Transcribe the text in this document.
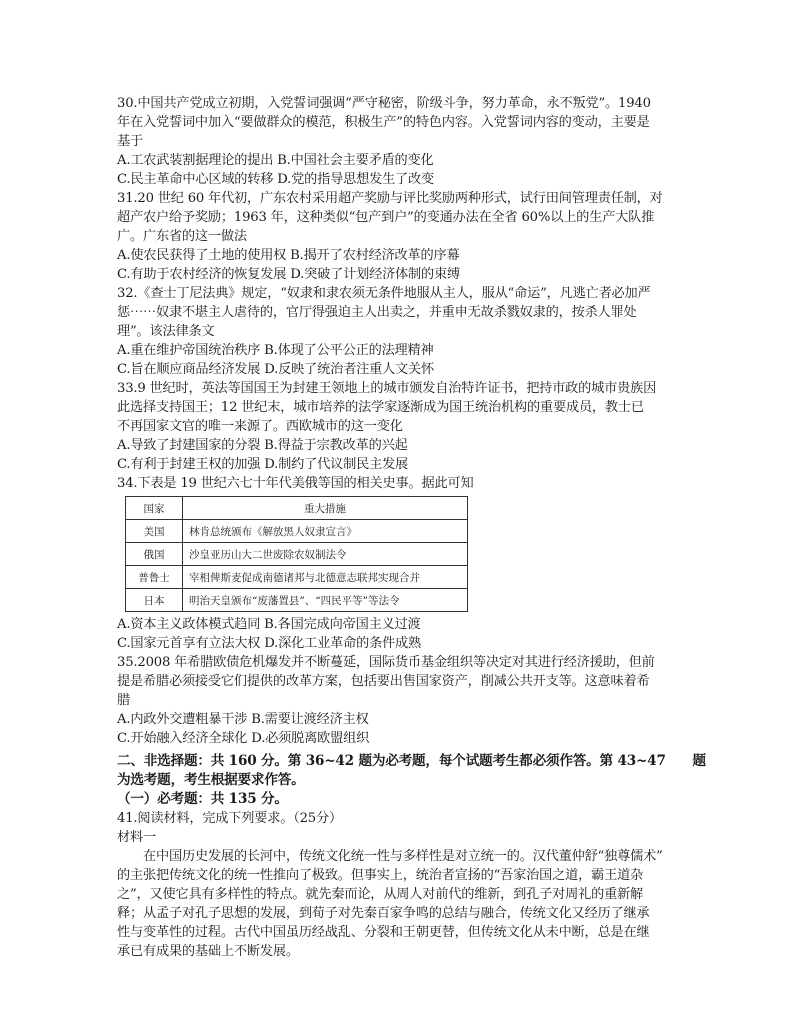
30.中国共产党成立初期，入党誓词强调“严守秘密，阶级斗争，努力革命，永不叛党”。1940
年在入党誓词中加入“要做群众的模范，积极生产”的特色内容。入党誓词内容的变动，主要是
基于
A.工农武装割据理论的提出 B.中国社会主要矛盾的变化
C.民主革命中心区域的转移 D.党的指导思想发生了改变
31.20 世纪 60 年代初，广东农村采用超产奖励与评比奖励两种形式，试行田间管理责任制，对
超产农户给予奖励；1963 年，这种类似“包产到户”的变通办法在全省 60%以上的生产大队推
广。广东省的这一做法
A.使农民获得了土地的使用权 B.揭开了农村经济改革的序幕
C.有助于农村经济的恢复发展 D.突破了计划经济体制的束缚
32.《查士丁尼法典》规定，“奴隶和隶农须无条件地服从主人，服从“命运”，凡逃亡者必加严
惩⋯⋯奴隶不堪主人虐待的，官厅得强迫主人出卖之，并重申无故杀戮奴隶的，按杀人罪处
理”。该法律条文
A.重在维护帝国统治秩序 B.体现了公平公正的法理精神
C.旨在顺应商品经济发展 D.反映了统治者注重人文关怀
33.9 世纪时，英法等国国王为封建王领地上的城市颁发自治特许证书，把持市政的城市贵族因
此选择支持国王；12 世纪末，城市培养的法学家逐渐成为国王统治机构的重要成员，教士已
不再国家文官的唯一来源了。西欧城市的这一变化
A.导致了封建国家的分裂 B.得益于宗教改革的兴起
C.有利于封建王权的加强 D.制约了代议制民主发展
34.下表是 19 世纪六七十年代美俄等国的相关史事。据此可知
国家	重大措施
美国	林肯总统颁布《解放黑人奴隶宣言》
俄国	沙皇亚历山大二世废除农奴制法令
普鲁士	宰相俾斯麦促成南德诸邦与北德意志联邦实现合并
日本	明治天皇颁布“废藩置县”、“四民平等”等法令
A.资本主义政体模式趋同 B.各国完成向帝国主义过渡
C.国家元首享有立法大权 D.深化工业革命的条件成熟
35.2008 年希腊欧债危机爆发并不断蔓延，国际货币基金组织等决定对其进行经济援助，但前
提是希腊必须接受它们提供的改革方案，包括要出售国家资产，削减公共开支等。这意味着希
腊
A.内政外交遭粗暴干涉 B.需要让渡经济主权
C.开始融入经济全球化 D.必须脱离欧盟组织
二、非选择题：共 160 分。第 36~42 题为必考题，每个试题考生都必须作答。第 43~47　　题
为选考题，考生根据要求作答。
（一）必考题：共 135 分。
41.阅读材料，完成下列要求。（25分）
材料一
在中国历史发展的长河中，传统文化统一性与多样性是对立统一的。汉代董仲舒“独尊儒术”
的主张把传统文化的统一性推向了极致。但事实上，统治者宣扬的“吾家治国之道，霸王道杂
之”，又使它具有多样性的特点。就先秦而论，从周人对前代的维新，到孔子对周礼的重新解
释；从孟子对孔子思想的发展，到荀子对先秦百家争鸣的总结与融合，传统文化又经历了继承
性与变革性的过程。古代中国虽历经战乱、分裂和王朝更替，但传统文化从未中断，总是在继
承已有成果的基础上不断发展。
